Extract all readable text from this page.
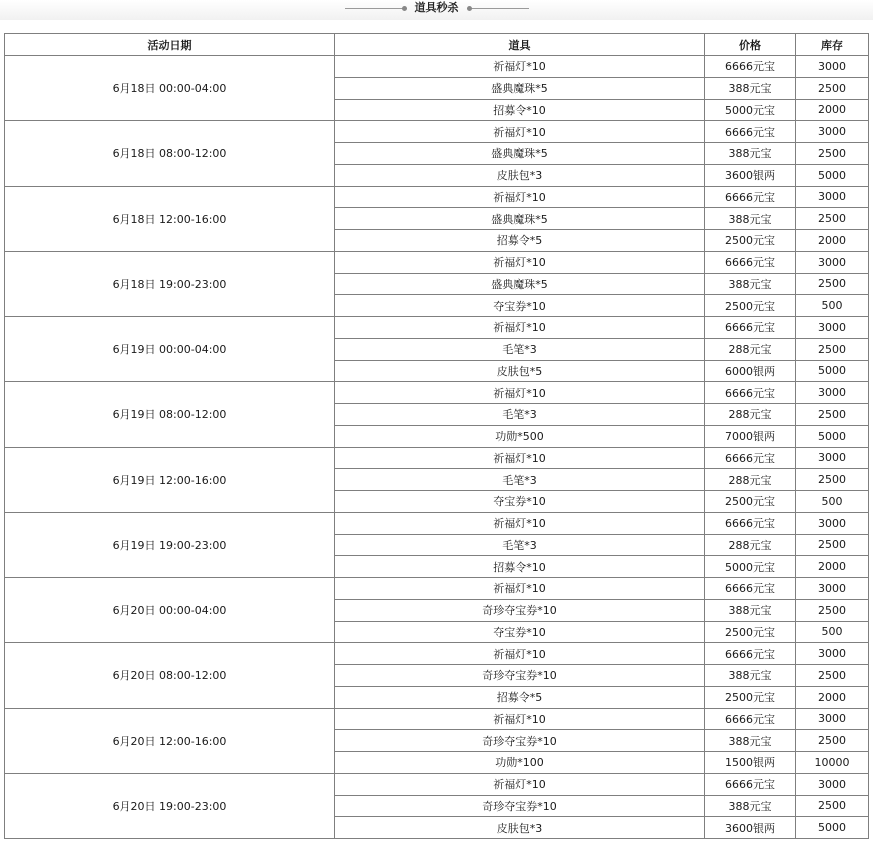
道具秒杀
活动日期	道具	价格	库存
6月18日 00:00-04:00	祈福灯*10	6666元宝	3000
	盛典魔珠*5	388元宝	2500
	招募令*10	5000元宝	2000
6月18日 08:00-12:00	祈福灯*10	6666元宝	3000
	盛典魔珠*5	388元宝	2500
	皮肤包*3	3600银两	5000
6月18日 12:00-16:00	祈福灯*10	6666元宝	3000
	盛典魔珠*5	388元宝	2500
	招募令*5	2500元宝	2000
6月18日 19:00-23:00	祈福灯*10	6666元宝	3000
	盛典魔珠*5	388元宝	2500
	夺宝券*10	2500元宝	500
6月19日 00:00-04:00	祈福灯*10	6666元宝	3000
	毛笔*3	288元宝	2500
	皮肤包*5	6000银两	5000
6月19日 08:00-12:00	祈福灯*10	6666元宝	3000
	毛笔*3	288元宝	2500
	功勋*500	7000银两	5000
6月19日 12:00-16:00	祈福灯*10	6666元宝	3000
	毛笔*3	288元宝	2500
	夺宝券*10	2500元宝	500
6月19日 19:00-23:00	祈福灯*10	6666元宝	3000
	毛笔*3	288元宝	2500
	招募令*10	5000元宝	2000
6月20日 00:00-04:00	祈福灯*10	6666元宝	3000
	奇珍夺宝券*10	388元宝	2500
	夺宝券*10	2500元宝	500
6月20日 08:00-12:00	祈福灯*10	6666元宝	3000
	奇珍夺宝券*10	388元宝	2500
	招募令*5	2500元宝	2000
6月20日 12:00-16:00	祈福灯*10	6666元宝	3000
	奇珍夺宝券*10	388元宝	2500
	功勋*100	1500银两	10000
6月20日 19:00-23:00	祈福灯*10	6666元宝	3000
	奇珍夺宝券*10	388元宝	2500
	皮肤包*3	3600银两	5000
